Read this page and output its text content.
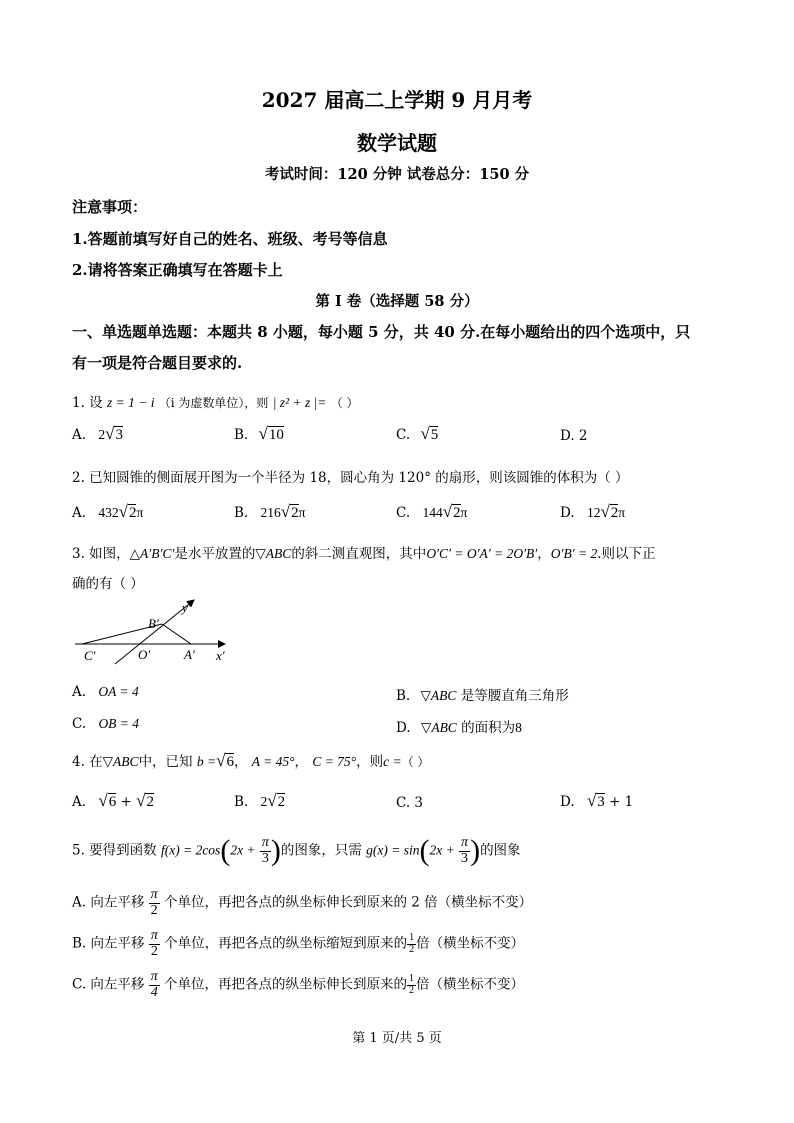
2027 届高二上学期 9 月月考
数学试题
考试时间：120 分钟 试卷总分：150 分
注意事项：
1.答题前填写好自己的姓名、班级、考号等信息
2.请将答案正确填写在答题卡上
第 I 卷（选择题 58 分）
一、单选题单选题：本题共 8 小题，每小题 5 分，共 40 分.在每小题给出的四个选项中，只
有一项是符合题目要求的.
1. 设 z = 1 − i （i 为虚数单位），则 | z² + z |= （ ）
A. 2√3	B. √10	C. √5	D. 2
2. 已知圆锥的侧面展开图为一个半径为 18，圆心角为 120° 的扇形，则该圆锥的体积为（ ）
A. 432√2π	B. 216√2π	C. 144√2π	D. 12√2π
3. 如图，△A′B′C′是水平放置的▽ABC的斜二测直观图，其中O′C′ = O′A′ = 2O′B′，O′B′ = 2.则以下正
确的有（ ）
y′
x′
B′
C′	O′	A′
A. OA = 4	B. ▽ABC 是等腰直角三角形
C. OB = 4	D. ▽ABC 的面积为8
4. 在▽ABC中，已知 b =√6， A = 45°， C = 75°，则c =（ ）
A. √6 + √2	B. 2√2	C. 3	D. √3 + 1
5. 要得到函数 $f(x) = 2\cos(2x + \frac{\pi}{3}$ )的图象，只需 $g(x) = \sin(2x + \frac{\pi}{3}$ )的图象
A. 向左平移 $\frac{\pi}{2}$ 个单位，再把各点的纵坐标伸长到原来的 2 倍（横坐标不变）
B. 向左平移 $\frac{\pi}{2}$ 个单位，再把各点的纵坐标缩短到原来的 $\frac{1}{2}$ 倍（横坐标不变）
C. 向左平移 $\frac{\pi}{4}$ 个单位，再把各点的纵坐标伸长到原来的 $\frac{1}{2}$ 倍（横坐标不变）
第 1 页/共 5 页
